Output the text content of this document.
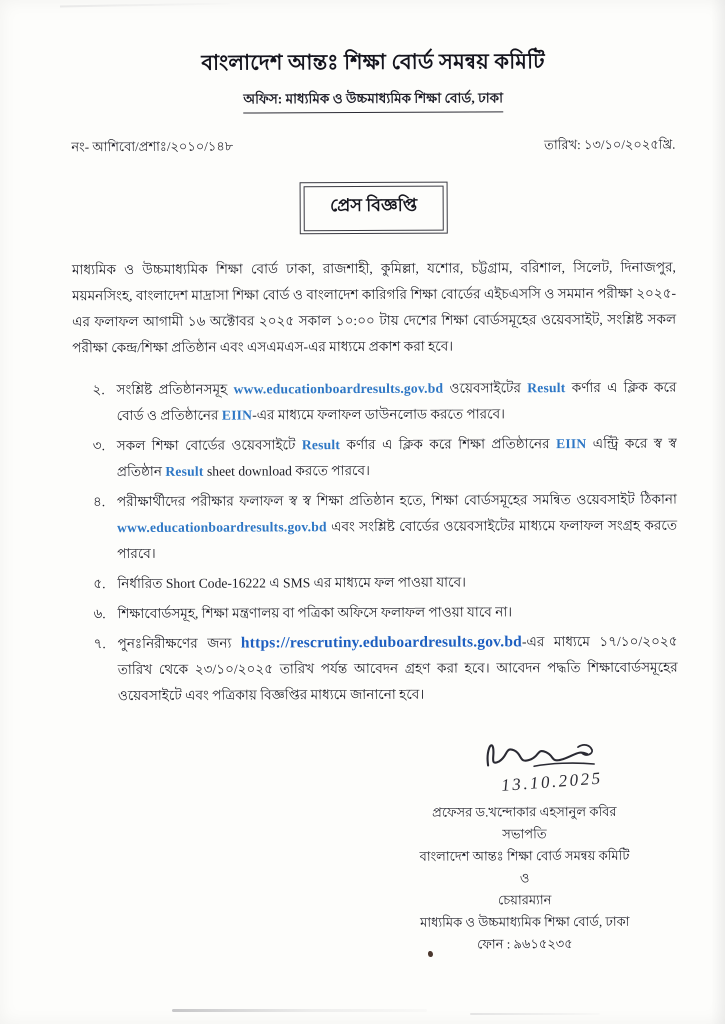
বাংলাদেশ আন্তঃ শিক্ষা বোর্ড সমন্বয় কমিটি
অফিস: মাধ্যমিক ও উচ্চমাধ্যমিক শিক্ষা বোর্ড, ঢাকা
নং- আশিবো/প্রশাঃ/২০১০/১৪৮	তারিখ: ১৩/১০/২০২৫খ্রি.
প্রেস বিজ্ঞপ্তি

মাধ্যমিক ও উচ্চমাধ্যমিক শিক্ষা বোর্ড ঢাকা, রাজশাহী, কুমিল্লা, যশোর, চট্টগ্রাম, বরিশাল, সিলেট, দিনাজপুর, ময়মনসিংহ, বাংলাদেশ মাদ্রাসা শিক্ষা বোর্ড ও বাংলাদেশ কারিগরি শিক্ষা বোর্ডের এইচএসসি ও সমমান পরীক্ষা ২০২৫-এর ফলাফল আগামী ১৬ অক্টোবর ২০২৫ সকাল ১০:০০ টায় দেশের শিক্ষা বোর্ডসমূহের ওয়েবসাইট, সংশ্লিষ্ট সকল পরীক্ষা কেন্দ্র/শিক্ষা প্রতিষ্ঠান এবং এসএমএস-এর মাধ্যমে প্রকাশ করা হবে।

২. সংশ্লিষ্ট প্রতিষ্ঠানসমূহ www.educationboardresults.gov.bd ওয়েবসাইটের Result কর্ণার এ ক্লিক করে বোর্ড ও প্রতিষ্ঠানের EIIN-এর মাধ্যমে ফলাফল ডাউনলোড করতে পারবে।
৩. সকল শিক্ষা বোর্ডের ওয়েবসাইটে Result কর্ণার এ ক্লিক করে শিক্ষা প্রতিষ্ঠানের EIIN এন্ট্রি করে স্ব স্ব প্রতিষ্ঠান Result sheet download করতে পারবে।
৪. পরীক্ষার্থীদের পরীক্ষার ফলাফল স্ব স্ব শিক্ষা প্রতিষ্ঠান হতে, শিক্ষা বোর্ডসমূহের সমন্বিত ওয়েবসাইট ঠিকানা www.educationboardresults.gov.bd এবং সংশ্লিষ্ট বোর্ডের ওয়েবসাইটের মাধ্যমে ফলাফল সংগ্রহ করতে পারবে।
৫. নির্ধারিত Short Code-16222 এ SMS এর মাধ্যমে ফল পাওয়া যাবে।
৬. শিক্ষাবোর্ডসমূহ, শিক্ষা মন্ত্রণালয় বা পত্রিকা অফিসে ফলাফল পাওয়া যাবে না।
৭. পুনঃনিরীক্ষণের জন্য https://rescrutiny.eduboardresults.gov.bd-এর মাধ্যমে ১৭/১০/২০২৫ তারিখ থেকে ২৩/১০/২০২৫ তারিখ পর্যন্ত আবেদন গ্রহণ করা হবে। আবেদন পদ্ধতি শিক্ষাবোর্ডসমূহের ওয়েবসাইটে এবং পত্রিকায় বিজ্ঞপ্তির মাধ্যমে জানানো হবে।
13.10.2025
প্রফেসর ড.খন্দোকার এহসানুল কবির
সভাপতি
বাংলাদেশ আন্তঃ শিক্ষা বোর্ড সমন্বয় কমিটি
ও
চেয়ারম্যান
মাধ্যমিক ও উচ্চমাধ্যমিক শিক্ষা বোর্ড, ঢাকা
ফোন : ৯৬১৫২৩৫
